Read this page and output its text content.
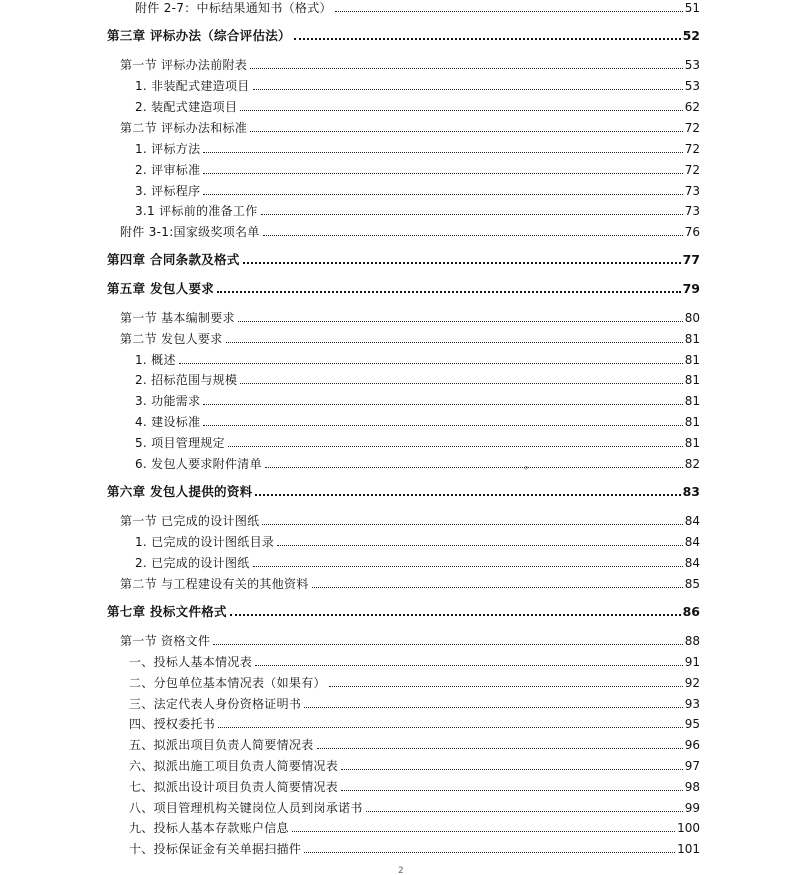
附件 2-7：中标结果通知书（格式）	51
第三章 评标办法（综合评估法）	52
第一节 评标办法前附表	53
1. 非装配式建造项目	53
2. 装配式建造项目	62
第二节 评标办法和标准	72
1. 评标方法	72
2. 评审标准	72
3. 评标程序	73
3.1 评标前的准备工作	73
附件 3-1:国家级奖项名单	76
第四章 合同条款及格式	77
第五章 发包人要求	79
第一节 基本编制要求	80
第二节 发包人要求	81
1. 概述	81
2. 招标范围与规模	81
3. 功能需求	81
4. 建设标准	81
5. 项目管理规定	81
6. 发包人要求附件清单	82
第六章 发包人提供的资料	83
第一节 已完成的设计图纸	84
1. 已完成的设计图纸目录	84
2. 已完成的设计图纸	84
第二节 与工程建设有关的其他资料	85
第七章 投标文件格式	86
第一节 资格文件	88
一、投标人基本情况表	91
二、分包单位基本情况表（如果有）	92
三、法定代表人身份资格证明书	93
四、授权委托书	95
五、拟派出项目负责人简要情况表	96
六、拟派出施工项目负责人简要情况表	97
七、拟派出设计项目负责人简要情况表	98
八、项目管理机构关键岗位人员到岗承诺书	99
九、投标人基本存款账户信息	100
十、投标保证金有关单据扫描件	101
。
2
